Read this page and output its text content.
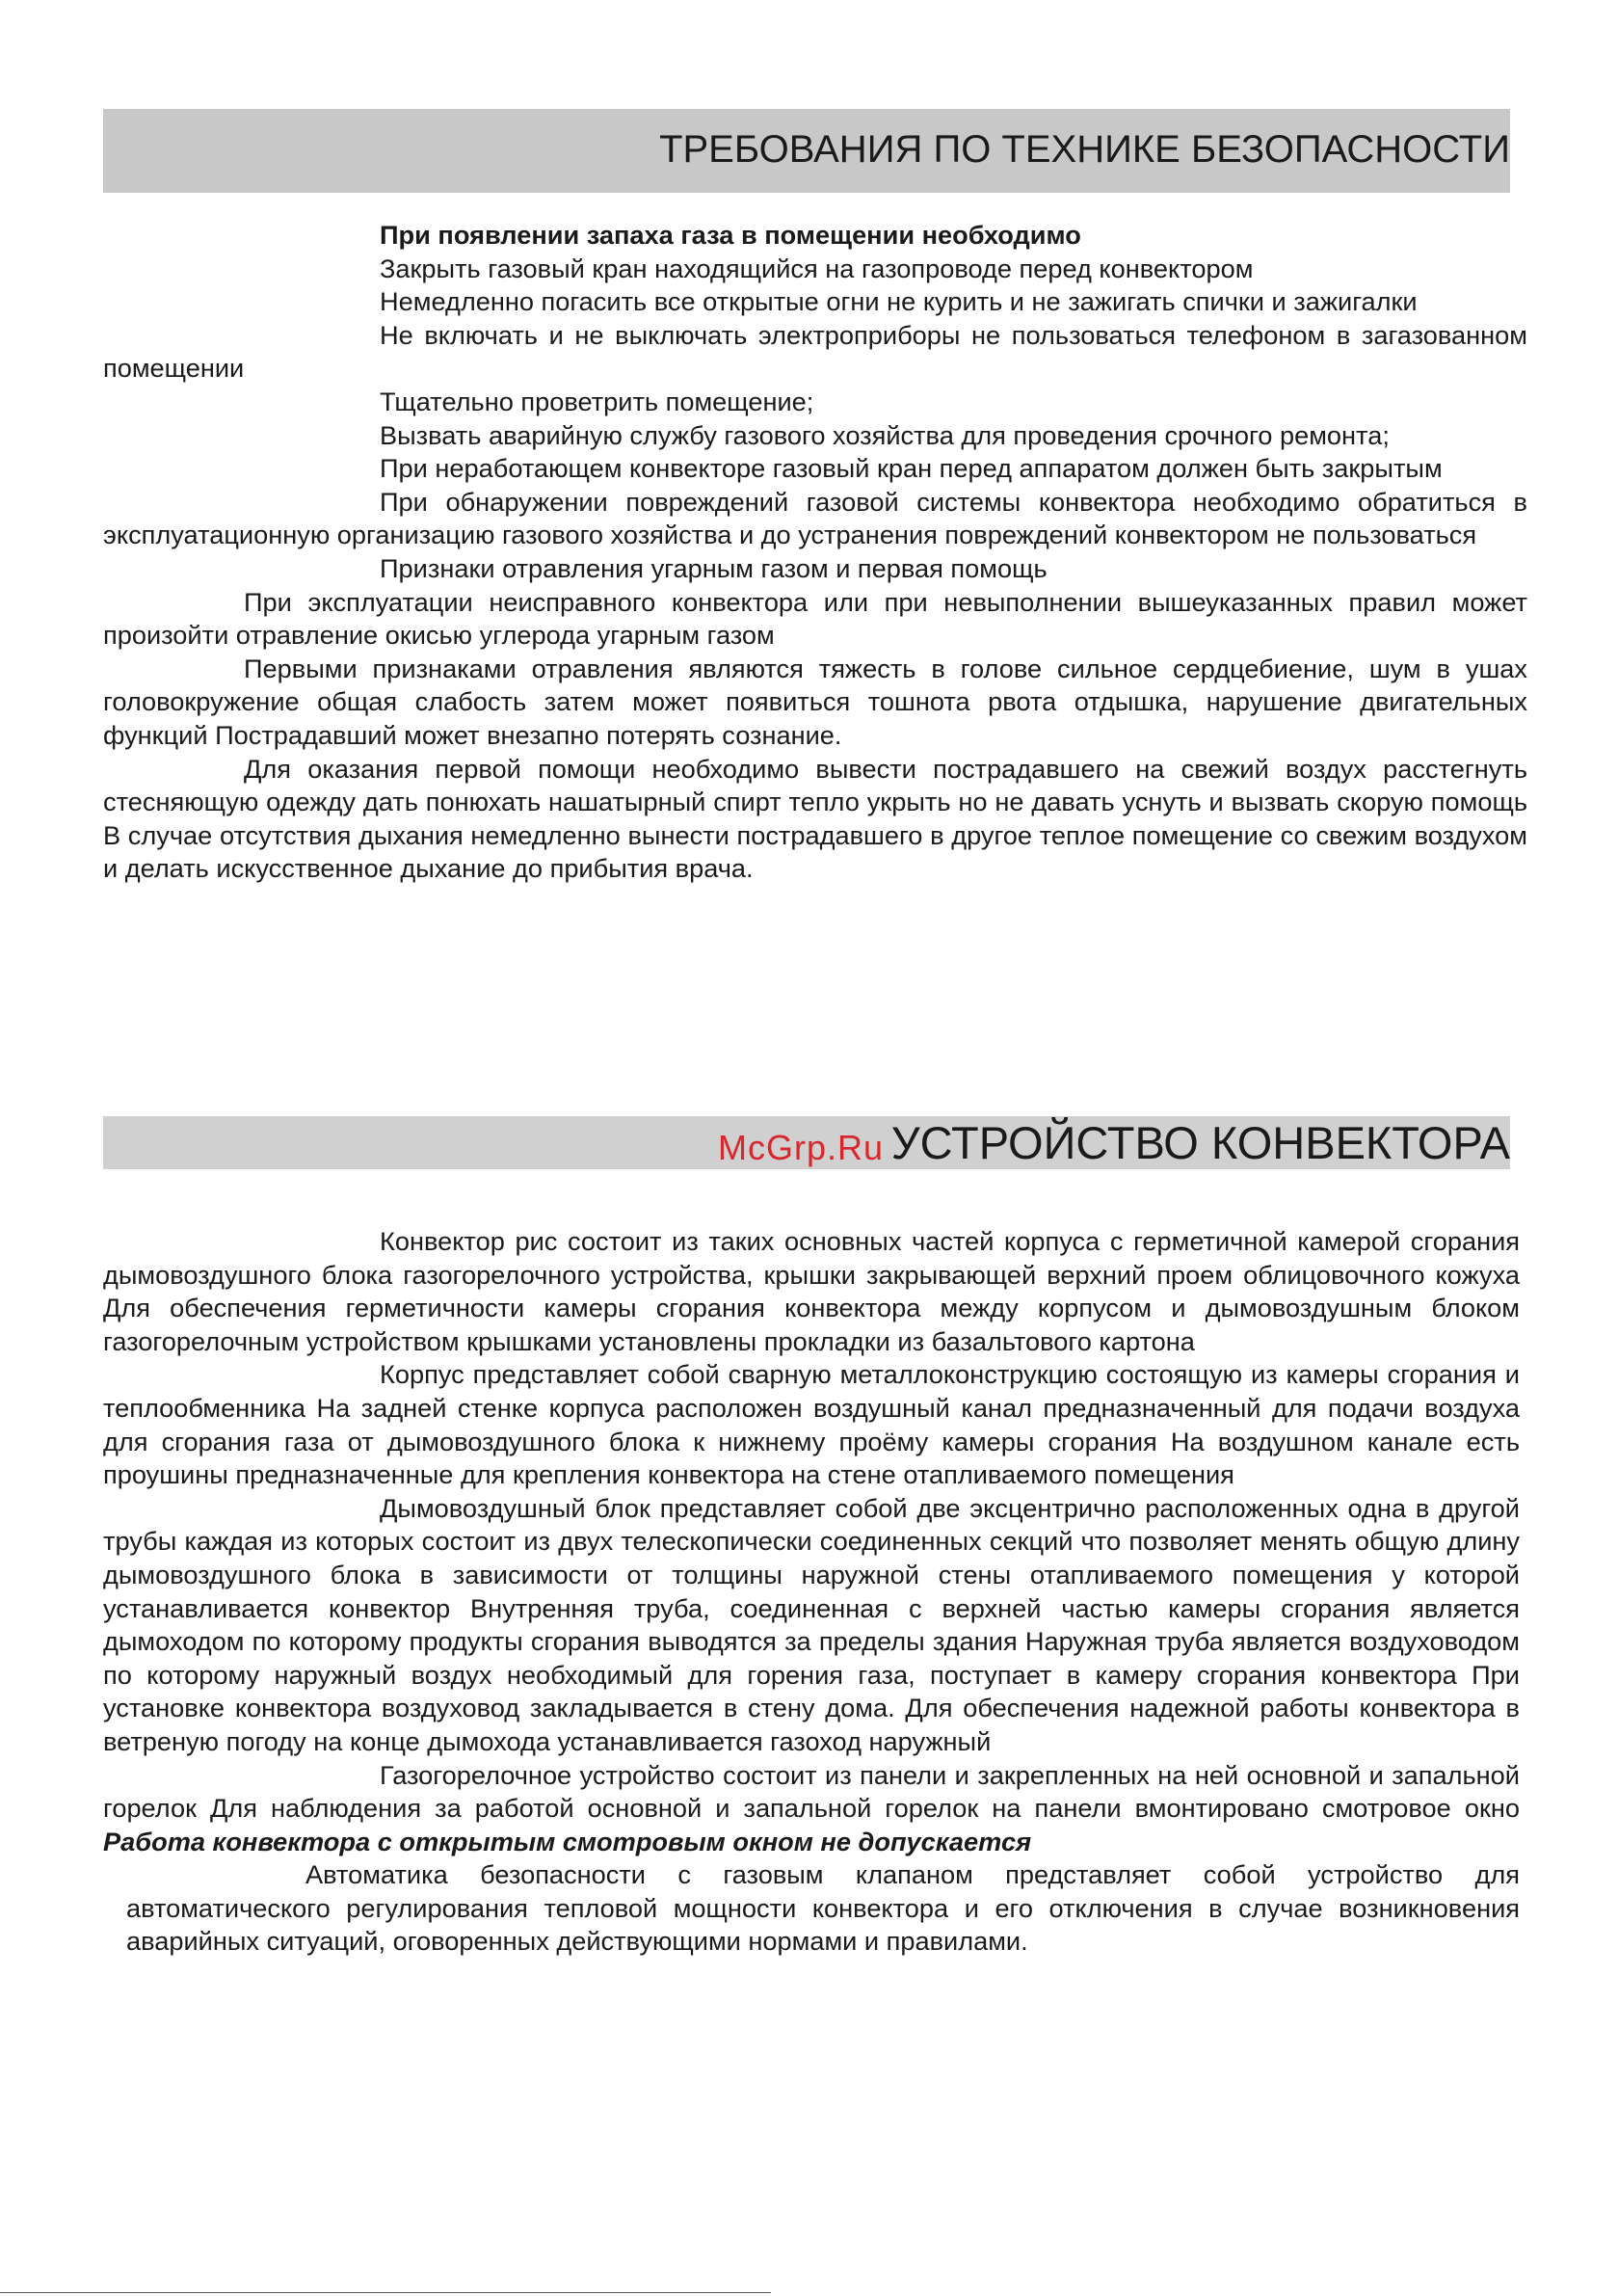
ТРЕБОВАНИЯ ПО ТЕХНИКЕ БЕЗОПАСНОСТИ

При появлении запаха газа в помещении необходимо

Закрыть газовый кран находящийся на газопроводе перед конвектором

Немедленно погасить все открытые огни не курить и не зажигать спички и зажигалки

Не включать и не выключать электроприборы не пользоваться телефоном в загазованном помещении

Тщательно проветрить помещение;

Вызвать аварийную службу газового хозяйства для проведения срочного ремонта;

При неработающем конвекторе газовый кран перед аппаратом должен быть закрытым

При обнаружении повреждений газовой системы конвектора необходимо обратиться в эксплуатационную организацию газового хозяйства и до устранения повреждений конвектором не пользоваться

Признаки отравления угарным газом и первая помощь

При эксплуатации неисправного конвектора или при невыполнении вышеуказанных правил может произойти отравление окисью углерода угарным газом

Первыми признаками отравления являются тяжесть в голове сильное сердцебиение, шум в ушах головокружение общая слабость затем может появиться тошнота рвота отдышка, нарушение двигательных функций Пострадавший может внезапно потерять сознание.

Для оказания первой помощи необходимо вывести пострадавшего на свежий воздух расстегнуть стесняющую одежду дать понюхать нашатырный спирт тепло укрыть но не давать уснуть и вызвать скорую помощь В случае отсутствия дыхания немедленно вынести пострадавшего в другое теплое помещение со свежим воздухом и делать искусственное дыхание до прибытия врача.

УСТРОЙСТВО КОНВЕКТОРА
McGrp.Ru

Конвектор рис состоит из таких основных частей корпуса с герметичной камерой сгорания дымовоздушного блока газогорелочного устройства, крышки закрывающей верхний проем облицовочного кожуха Для обеспечения герметичности камеры сгорания конвектора между корпусом и дымовоздушным блоком газогорелочным устройством крышками установлены прокладки из базальтового картона

Корпус представляет собой сварную металлоконструкцию состоящую из камеры сгорания и теплообменника На задней стенке корпуса расположен воздушный канал предназначенный для подачи воздуха для сгорания газа от дымовоздушного блока к нижнему проёму камеры сгорания На воздушном канале есть проушины предназначенные для крепления конвектора на стене отапливаемого помещения

Дымовоздушный блок представляет собой две эксцентрично расположенных одна в другой трубы каждая из которых состоит из двух телескопически соединенных секций что позволяет менять общую длину дымовоздушного блока в зависимости от толщины наружной стены отапливаемого помещения у которой устанавливается конвектор Внутренняя труба, соединенная с верхней частью камеры сгорания является дымоходом по которому продукты сгорания выводятся за пределы здания Наружная труба является воздуховодом по которому наружный воздух необходимый для горения газа, поступает в камеру сгорания конвектора При установке конвектора воздуховод закладывается в стену дома. Для обеспечения надежной работы конвектора в ветреную погоду на конце дымохода устанавливается газоход наружный

Газогорелочное устройство состоит из панели и закрепленных на ней основной и запальной горелок Для наблюдения за работой основной и запальной горелок на панели вмонтировано смотровое окно Работа конвектора с открытым смотровым окном не допускается

Автоматика безопасности с газовым клапаном представляет собой устройство для автоматического регулирования тепловой мощности конвектора и его отключения в случае возникновения аварийных ситуаций, оговоренных действующими нормами и правилами.
